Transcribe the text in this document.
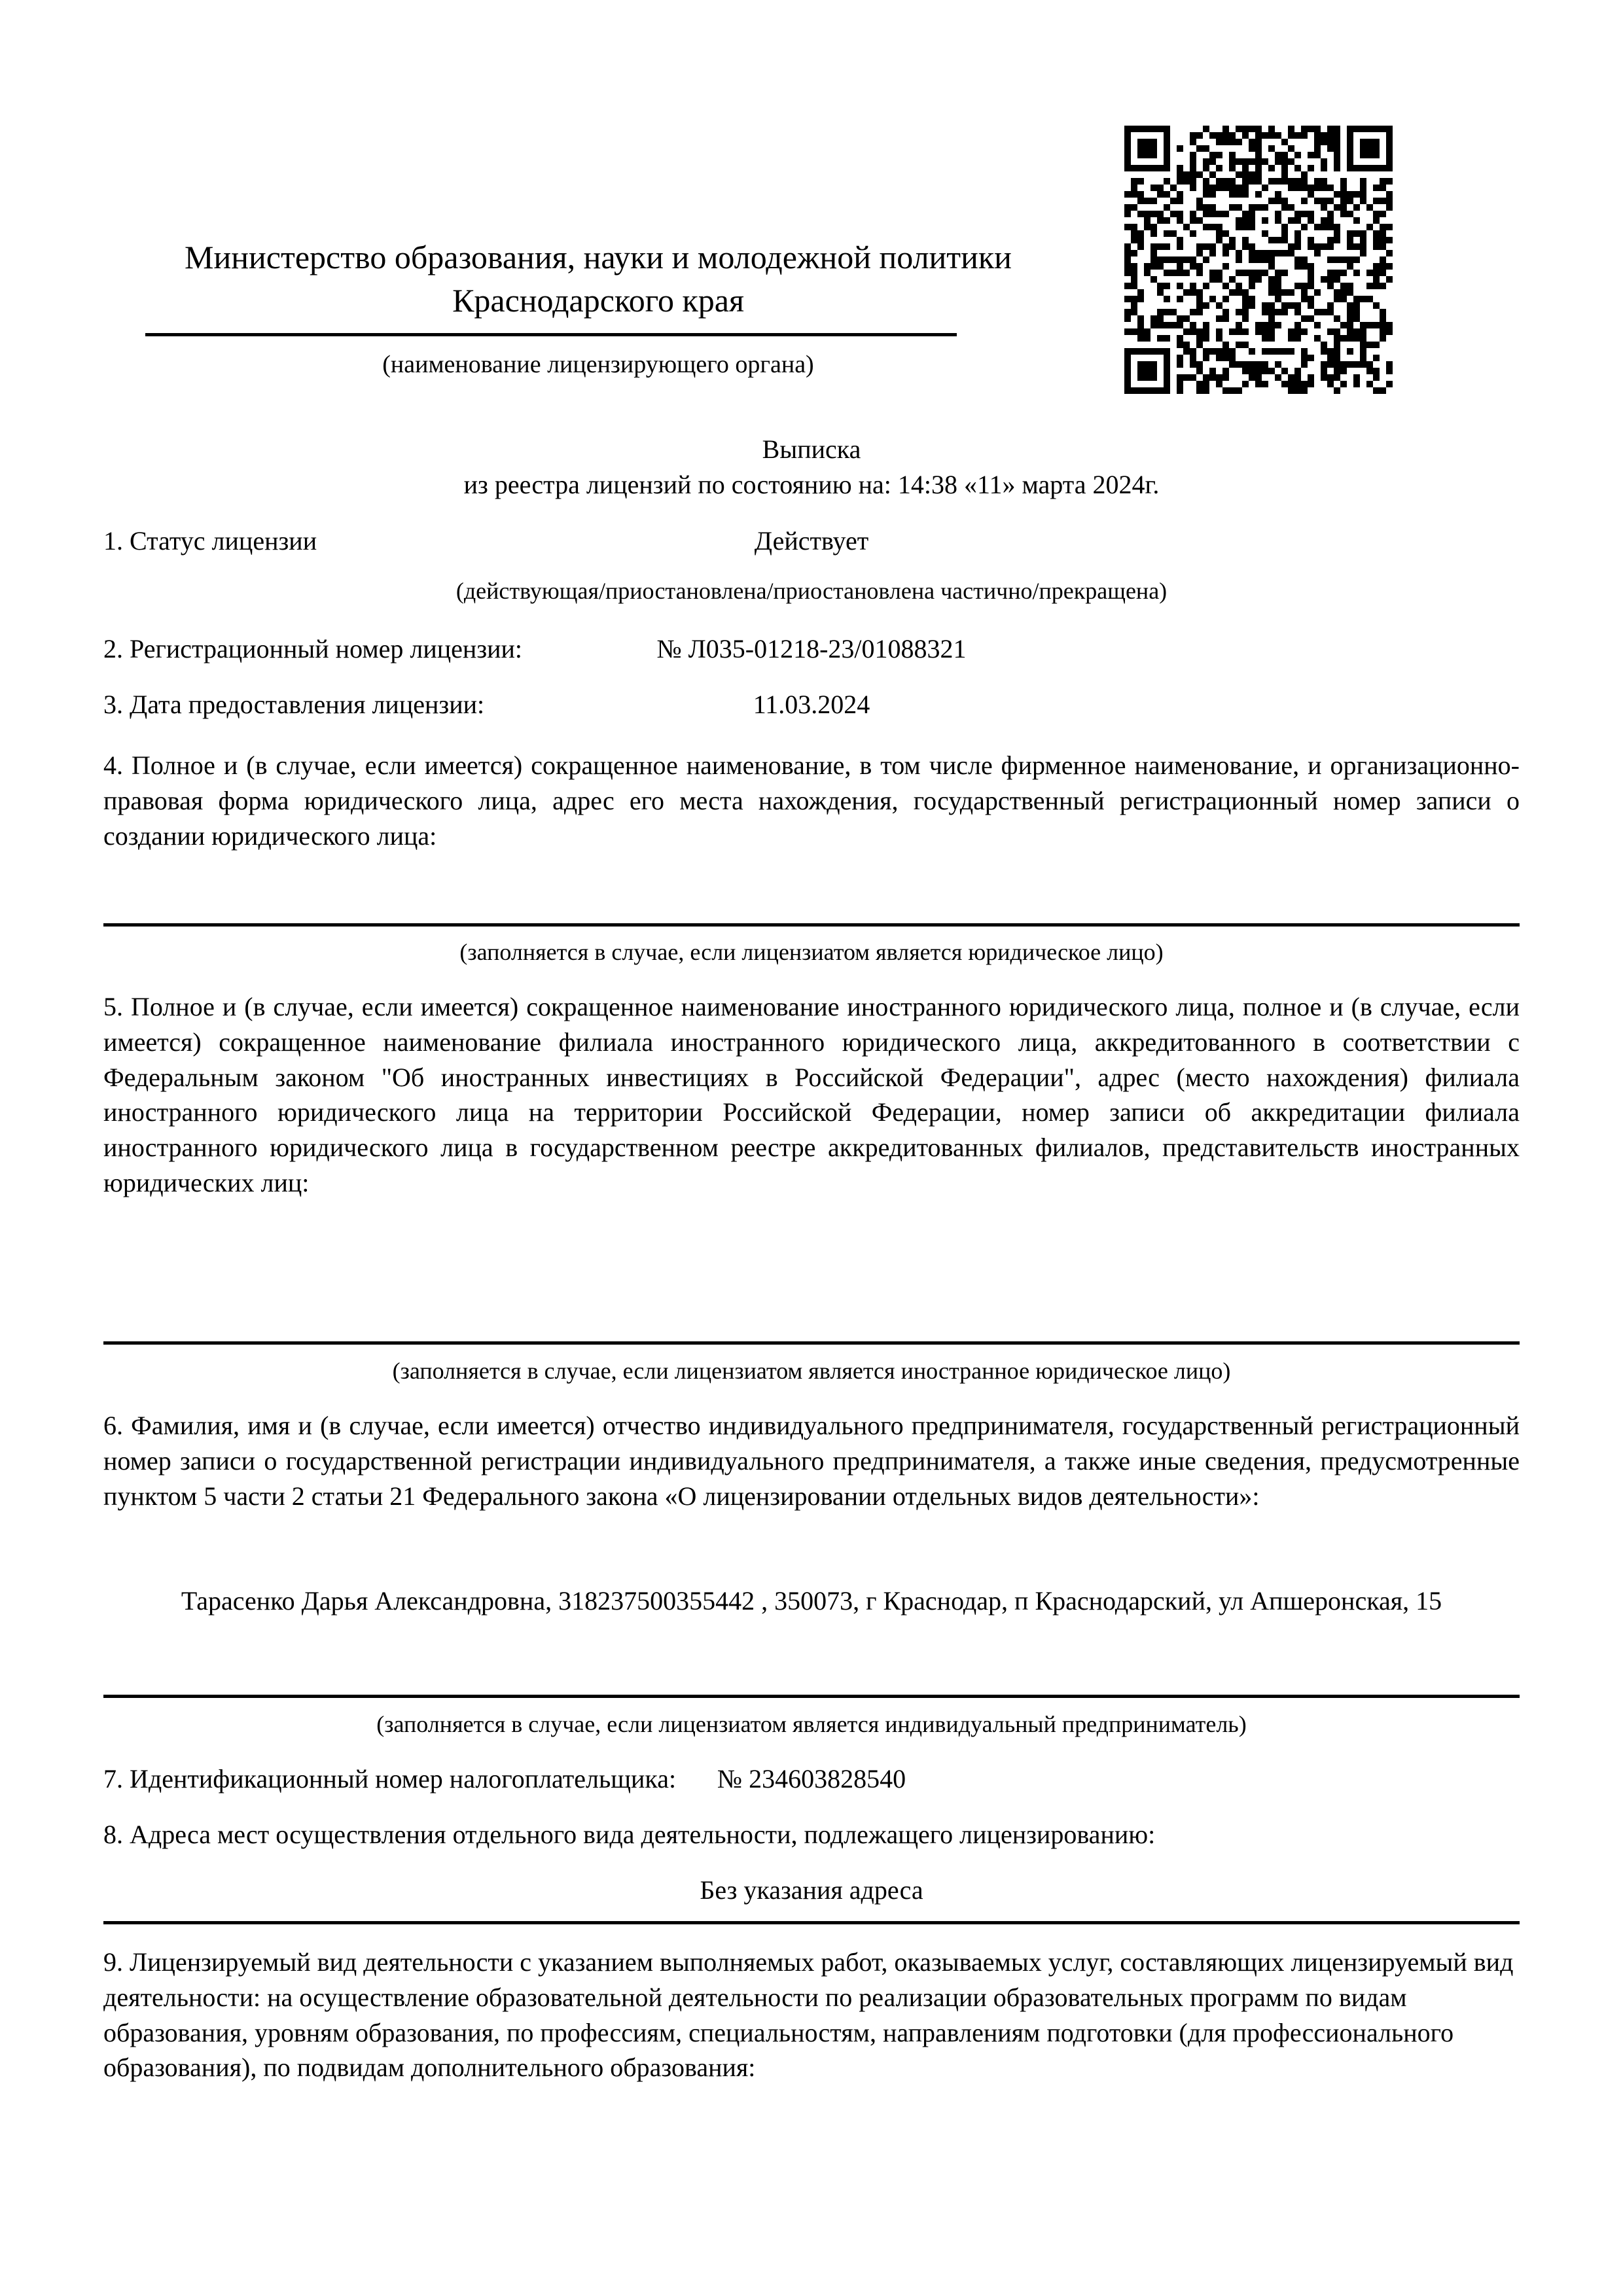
Министерство образования, науки и молодежной политики
Краснодарского края
(наименование лицензирующего органа)
Выписка
из реестра лицензий по состоянию на: 14:38 «11» марта 2024г.
1. Статус лицензии	Действует
(действующая/приостановлена/приостановлена частично/прекращена)
2. Регистрационный номер лицензии:	№ Л035-01218-23/01088321
3. Дата предоставления лицензии:	11.03.2024
4. Полное и (в случае, если имеется) сокращенное наименование, в том числе фирменное наименование, и организационно-правовая форма юридического лица, адрес его места нахождения, государственный регистрационный номер записи о создании юридического лица:
(заполняется в случае, если лицензиатом является юридическое лицо)
5. Полное и (в случае, если имеется) сокращенное наименование иностранного юридического лица, полное и (в случае, если имеется) сокращенное наименование филиала иностранного юридического лица, аккредитованного в соответствии с Федеральным законом "Об иностранных инвестициях в Российской Федерации", адрес (место нахождения) филиала иностранного юридического лица на территории Российской Федерации, номер записи об аккредитации филиала иностранного юридического лица в государственном реестре аккредитованных филиалов, представительств иностранных юридических лиц:
(заполняется в случае, если лицензиатом является иностранное юридическое лицо)
6. Фамилия, имя и (в случае, если имеется) отчество индивидуального предпринимателя, государственный регистрационный номер записи о государственной регистрации индивидуального предпринимателя, а также иные сведения, предусмотренные пунктом 5 части 2 статьи 21 Федерального закона «О лицензировании отдельных видов деятельности»:
Тарасенко Дарья Александровна, 318237500355442 , 350073, г Краснодар, п Краснодарский, ул Апшеронская, 15
(заполняется в случае, если лицензиатом является индивидуальный предприниматель)
7. Идентификационный номер налогоплательщика:	№ 234603828540
8. Адреса мест осуществления отдельного вида деятельности, подлежащего лицензированию:
Без указания адреса
9. Лицензируемый вид деятельности с указанием выполняемых работ, оказываемых услуг, составляющих лицензируемый вид деятельности: на осуществление образовательной деятельности по реализации образовательных программ по видам образования, уровням образования, по профессиям, специальностям, направлениям подготовки (для профессионального образования), по подвидам дополнительного образования:
